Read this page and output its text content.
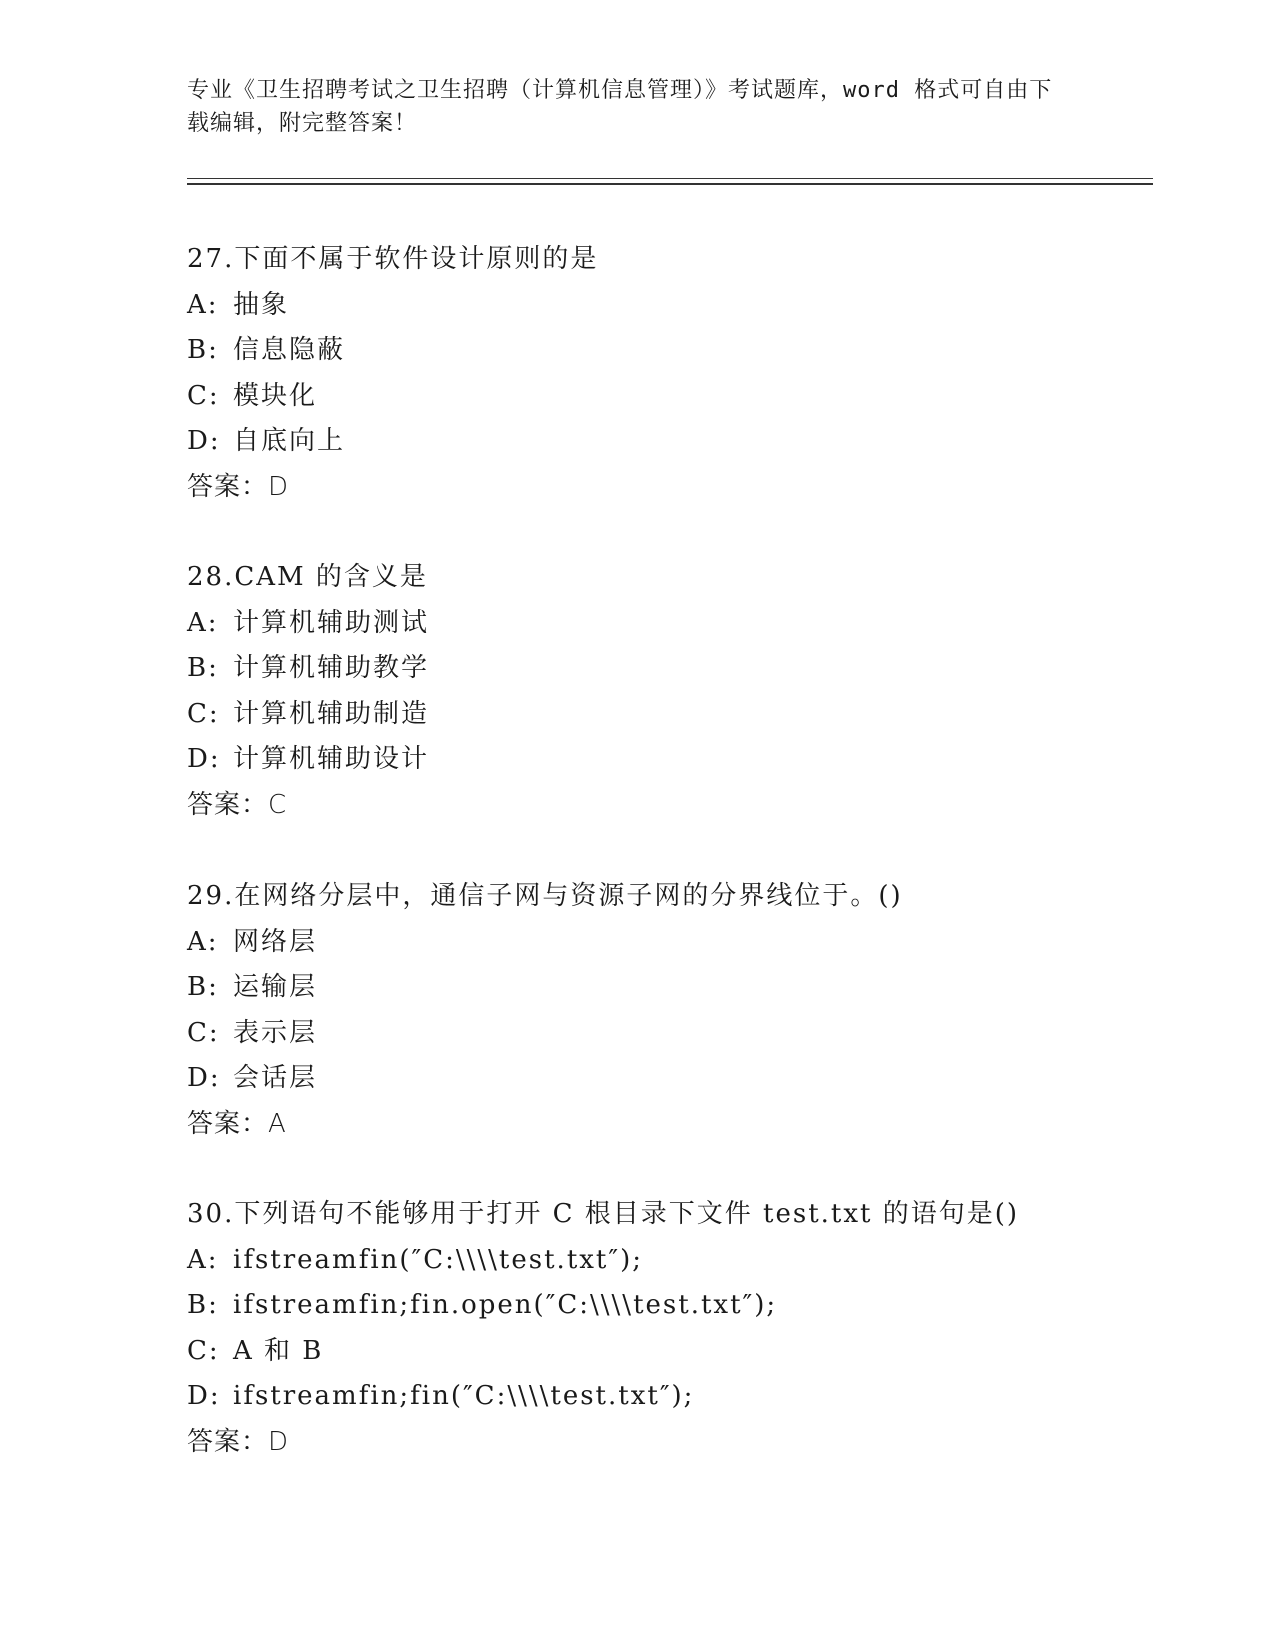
专业《卫生招聘考试之卫生招聘（计算机信息管理）》考试题库，word 格式可自由下载编辑，附完整答案！
27.下面不属于软件设计原则的是
A: 抽象
B: 信息隐蔽
C: 模块化
D: 自底向上
答案：D
28.CAM 的含义是
A: 计算机辅助测试
B: 计算机辅助教学
C: 计算机辅助制造
D: 计算机辅助设计
答案：C
29.在网络分层中，通信子网与资源子网的分界线位于。()
A: 网络层
B: 运输层
C: 表示层
D: 会话层
答案：A
30.下列语句不能够用于打开 C 根目录下文件 test.txt 的语句是()
A: ifstreamfin(″C:\\\\test.txt″);
B: ifstreamfin;fin.open(″C:\\\\test.txt″);
C: A 和 B
D: ifstreamfin;fin(″C:\\\\test.txt″);
答案：D
